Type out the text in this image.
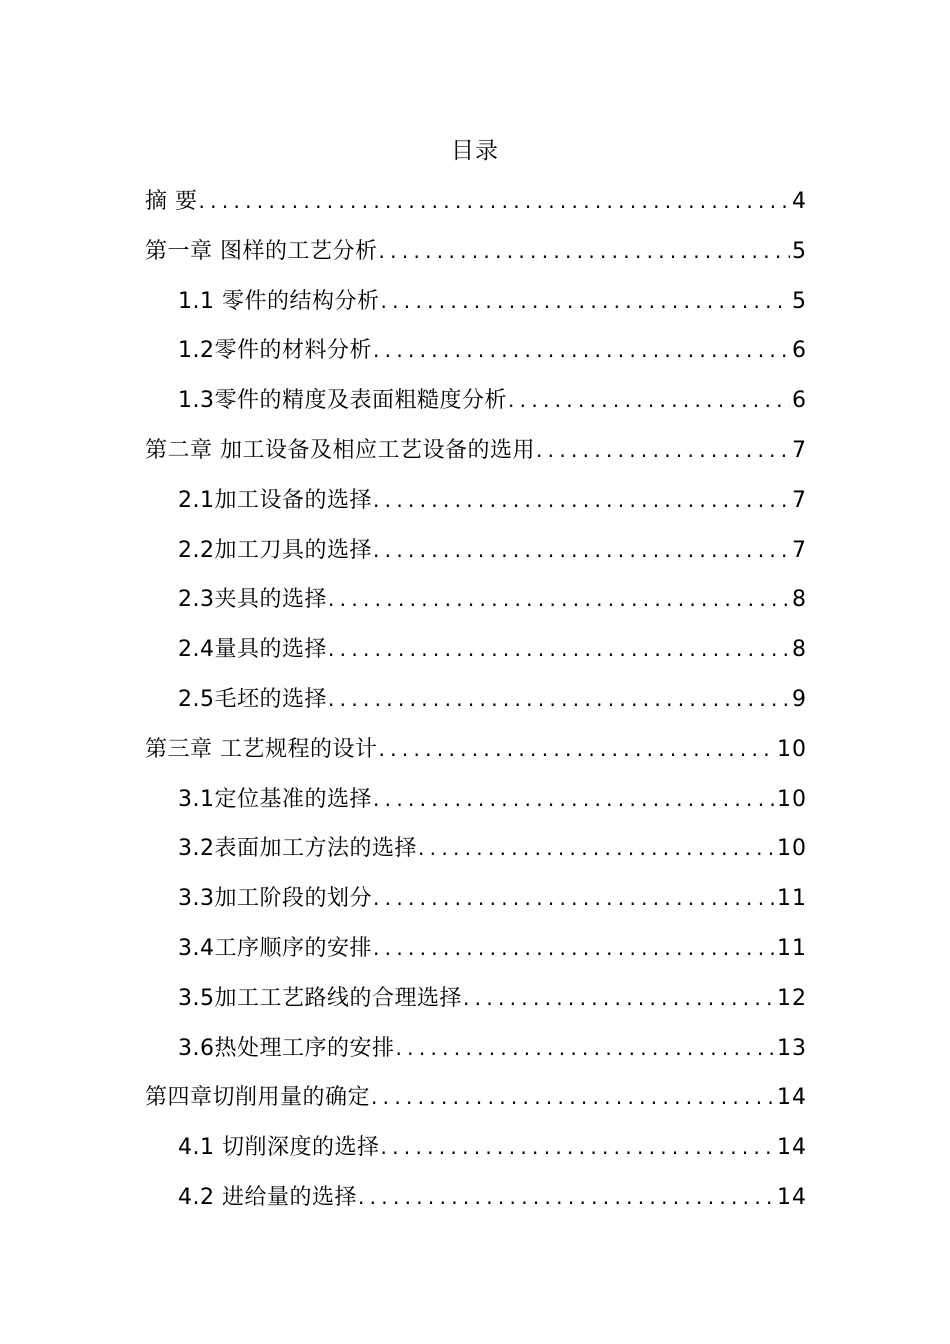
目录
摘 要 .....	4
第一章 图样的工艺分析 .....	5
1.1 零件的结构分析 .....	5
1.2零件的材料分析 .....	6
1.3零件的精度及表面粗糙度分析 .....	6
第二章 加工设备及相应工艺设备的选用 .....	7
2.1加工设备的选择 .....	7
2.2加工刀具的选择 .....	7
2.3夹具的选择 .....	8
2.4量具的选择 .....	8
2.5毛坯的选择 .....	9
第三章 工艺规程的设计 .....	10
3.1定位基准的选择 .....	10
3.2表面加工方法的选择 .....	10
3.3加工阶段的划分 .....	11
3.4工序顺序的安排 .....	11
3.5加工工艺路线的合理选择 .....	12
3.6热处理工序的安排 .....	13
第四章切削用量的确定 .....	14
4.1 切削深度的选择 .....	14
4.2 进给量的选择 .....	14
